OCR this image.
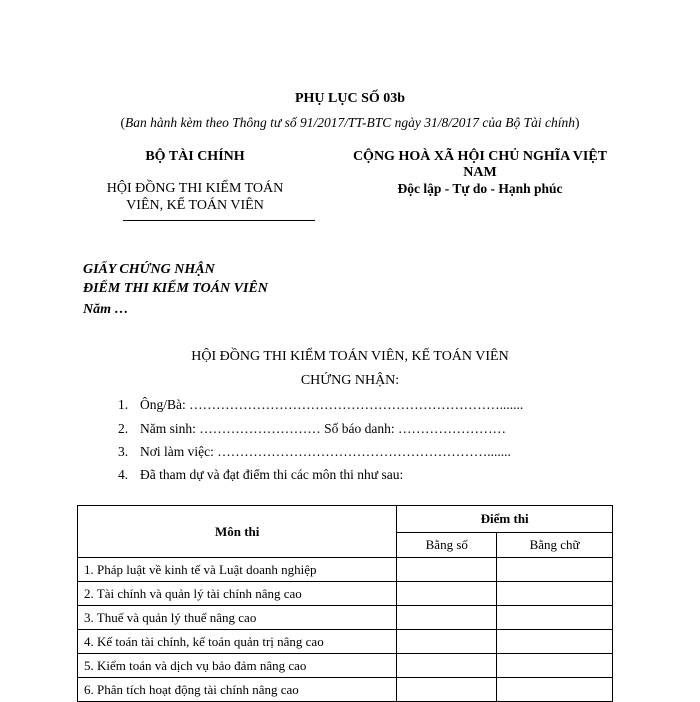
PHỤ LỤC SỐ 03b
(Ban hành kèm theo Thông tư số 91/2017/TT-BTC ngày 31/8/2017 của Bộ Tài chính)
BỘ TÀI CHÍNH
HỘI ĐỒNG THI KIỂM TOÁN VIÊN, KẾ TOÁN VIÊN
CỘNG HOÀ XÃ HỘI CHỦ NGHĨA VIỆT NAM
Độc lập - Tự do - Hạnh phúc
GIẤY CHỨNG NHẬN
ĐIỂM THI KIỂM TOÁN VIÊN
Năm …
HỘI ĐỒNG THI KIỂM TOÁN VIÊN, KẾ TOÁN VIÊN
CHỨNG NHẬN:
1. Ông/Bà: …………………………………………………………….......
2. Năm sinh: ……………………… Số báo danh: ……………………
3. Nơi làm việc: …………………………………………………….......
4. Đã tham dự và đạt điểm thi các môn thi như sau:
Môn thi	Điểm thi	
	Bằng số	Bằng chữ
1. Pháp luật về kinh tế và Luật doanh nghiệp		
2. Tài chính và quản lý tài chính nâng cao		
3. Thuế và quản lý thuế nâng cao		
4. Kế toán tài chính, kế toán quản trị nâng cao		
5. Kiểm toán và dịch vụ bảo đảm nâng cao		
6. Phân tích hoạt động tài chính nâng cao		
